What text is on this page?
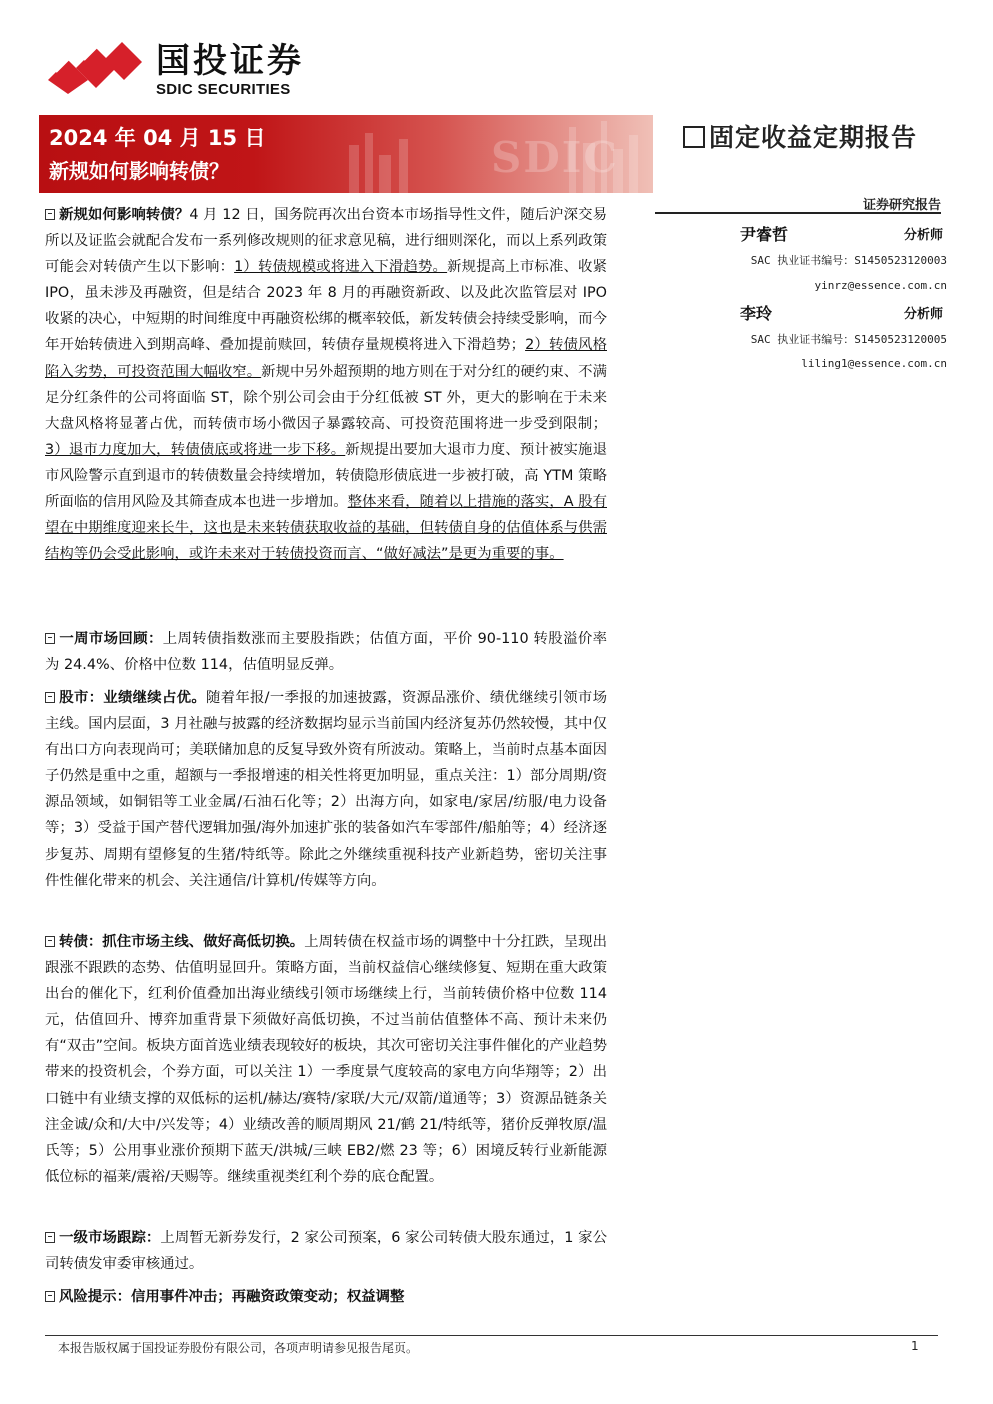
国投证券
SDIC SECURITIES
SDIC
2024 年 04 月 15 日
新规如何影响转债？
固定收益定期报告
证券研究报告
尹睿哲	分析师
SAC 执业证书编号：S1450523120003
yinrz@essence.com.cn
李玲	分析师
SAC 执业证书编号：S1450523120005
liling1@essence.com.cn
新规如何影响转债？4 月 12 日，国务院再次出台资本市场指导性文件，随后沪深交易所以及证监会就配合发布一系列修改规则的征求意见稿，进行细则深化，而以上系列政策可能会对转债产生以下影响：1）转债规模或将进入下滑趋势。新规提高上市标准、收紧 IPO，虽未涉及再融资，但是结合 2023 年 8 月的再融资新政、以及此次监管层对 IPO 收紧的决心，中短期的时间维度中再融资松绑的概率较低，新发转债会持续受影响，而今年开始转债进入到期高峰、叠加提前赎回，转债存量规模将进入下滑趋势；2）转债风格陷入劣势，可投资范围大幅收窄。新规中另外超预期的地方则在于对分红的硬约束、不满足分红条件的公司将面临 ST，除个别公司会由于分红低被 ST 外，更大的影响在于未来大盘风格将显著占优，而转债市场小微因子暴露较高、可投资范围将进一步受到限制；3）退市力度加大，转债债底或将进一步下移。新规提出要加大退市力度、预计被实施退市风险警示直到退市的转债数量会持续增加，转债隐形债底进一步被打破，高 YTM 策略所面临的信用风险及其筛查成本也进一步增加。整体来看，随着以上措施的落实，A 股有望在中期维度迎来长牛，这也是未来转债获取收益的基础，但转债自身的估值体系与供需结构等仍会受此影响，或许未来对于转债投资而言、“做好减法”是更为重要的事。
一周市场回顾：上周转债指数涨而主要股指跌；估值方面，平价 90-110 转股溢价率为 24.4%、价格中位数 114，估值明显反弹。
股市：业绩继续占优。随着年报/一季报的加速披露，资源品涨价、绩优继续引领市场主线。国内层面，3 月社融与披露的经济数据均显示当前国内经济复苏仍然较慢，其中仅有出口方向表现尚可；美联储加息的反复导致外资有所波动。策略上，当前时点基本面因子仍然是重中之重，超额与一季报增速的相关性将更加明显，重点关注：1）部分周期/资源品领域，如铜铝等工业金属/石油石化等；2）出海方向，如家电/家居/纺服/电力设备等；3）受益于国产替代逻辑加强/海外加速扩张的装备如汽车零部件/船舶等；4）经济逐步复苏、周期有望修复的生猪/特纸等。除此之外继续重视科技产业新趋势，密切关注事件性催化带来的机会、关注通信/计算机/传媒等方向。
转债：抓住市场主线、做好高低切换。上周转债在权益市场的调整中十分扛跌，呈现出跟涨不跟跌的态势、估值明显回升。策略方面，当前权益信心继续修复、短期在重大政策出台的催化下，红利价值叠加出海业绩线引领市场继续上行，当前转债价格中位数 114 元，估值回升、博弈加重背景下须做好高低切换，不过当前估值整体不高、预计未来仍有“双击”空间。板块方面首选业绩表现较好的板块，其次可密切关注事件催化的产业趋势带来的投资机会，个券方面，可以关注 1）一季度景气度较高的家电方向华翔等；2）出口链中有业绩支撑的双低标的运机/赫达/赛特/家联/大元/双箭/道通等；3）资源品链条关注金诚/众和/大中/兴发等；4）业绩改善的顺周期风 21/鹤 21/特纸等，猪价反弹牧原/温氏等；5）公用事业涨价预期下蓝天/洪城/三峡 EB2/燃 23 等；6）困境反转行业新能源低位标的福莱/震裕/天赐等。继续重视类红利个券的底仓配置。
一级市场跟踪：上周暂无新券发行，2 家公司预案，6 家公司转债大股东通过，1 家公司转债发审委审核通过。
风险提示：信用事件冲击；再融资政策变动；权益调整
本报告版权属于国投证券股份有限公司，各项声明请参见报告尾页。	1
